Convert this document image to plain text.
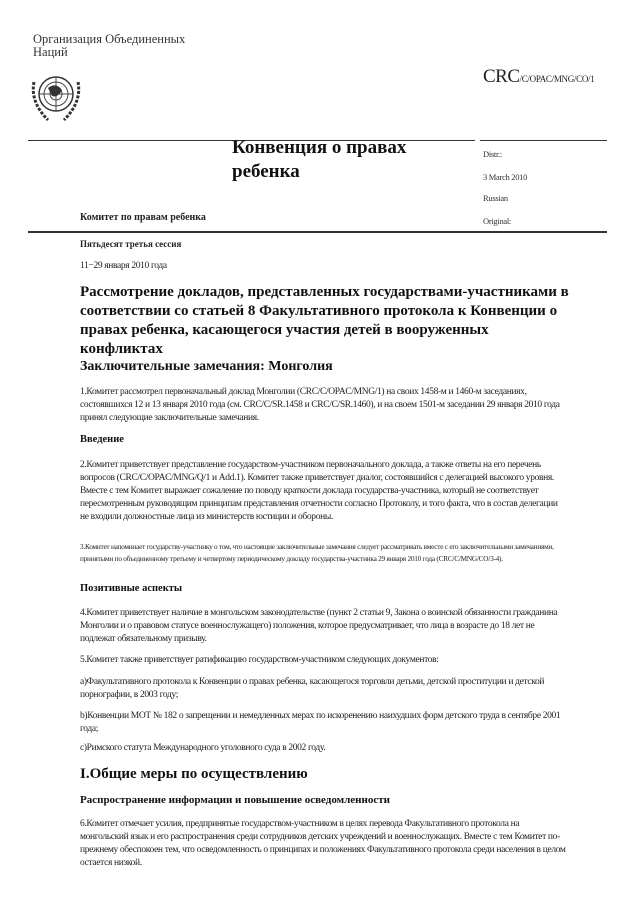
Организация Объединенных
Наций
CRC/C/OPAC/MNG/CO/1
Конвенция о правах
ребенка
Distr.:
3 March 2010
Russian
Original:
Комитет по правам ребенка
Пятьдесят третья сессия
11−29 января 2010 года
Рассмотрение докладов, представленных государствами-участниками в соответствии со статьей 8 Факультативного протокола к Конвенции о правах ребенка, касающегося участия детей в вооруженных конфликтах
Заключительные замечания: Монголия
1.Комитет рассмотрел первоначальный доклад Монголии (CRC/C/OPAC/MNG/1) на своих 1458-м и 1460-м заседаниях, состоявшихся 12 и 13 января 2010 года (см. CRC/C/SR.1458 и CRC/C/SR.1460), и на своем 1501-м заседании 29 января 2010 года принял следующие заключительные замечания.
Введение
2.Комитет приветствует представление государством-участником первоначального доклада, а также ответы на его перечень вопросов (CRC/C/OPAC/MNG/Q/1 и Add.1). Комитет также приветствует диалог, состоявшийся с делегацией высокого уровня. Вместе с тем Комитет выражает сожаление по поводу краткости доклада государства-участника, который не соответствует пересмотренным руководящим принципам представления отчетности согласно Протоколу, и того факта, что в состав делегации не входили должностные лица из министерств юстиции и обороны.
3.Комитет напоминает государству-участнику о том, что настоящие заключительные замечания следует рассматривать вместе с его заключительными замечаниями, принятыми по объединенному третьему и четвертому периодическому докладу государства-участника 29 января 2010 года (CRC/C/MNG/CO/3-4).
Позитивные аспекты
4.Комитет приветствует наличие в монгольском законодательстве (пункт 2 статьи 9, Закона о воинской обязанности гражданина Монголии и о правовом статусе военнослужащего) положения, которое предусматривает, что лица в возрасте до 18 лет не подлежат обязательному призыву.
5.Комитет также приветствует ратификацию государством-участником следующих документов:
a)Факультативного протокола к Конвенции о правах ребенка, касающегося торговли детьми, детской проституции и детской порнографии, в 2003 году;
b)Конвенции МОТ № 182 о запрещении и немедленных мерах по искоренению наихудших форм детского труда в сентябре 2001 года;
c)Римского статута Международного уголовного суда в 2002 году.
I.Общие меры по осуществлению
Распространение информации и повышение осведомленности
6.Комитет отмечает усилия, предпринятые государством-участником в целях перевода Факультативного протокола на монгольский язык и его распространения среди сотрудников детских учреждений и военнослужащих. Вместе с тем Комитет по-прежнему обеспокоен тем, что осведомленность о принципах и положениях Факультативного протокола среди населения в целом остается низкой.
